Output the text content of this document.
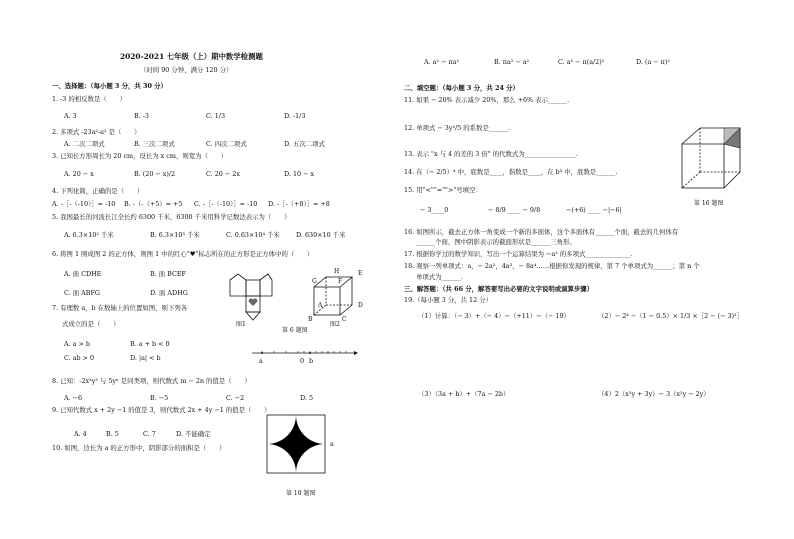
2020-2021 七年级（上）期中数学检测题
（时间 90 分钟，满分 120 分）
一、选择题：（每小题 3 分，共 30 分）
1. -3 的相反数是（　　）
A. 3	B. -3	C. 1/3	D. -1/3
2. 多项式 -23a²-a² 是（　　）
A. 二次二项式	B. 三次二项式	C. 四次二项式	D. 五次二项式
3. 已知长方形周长为 20 cm，设长为 x cm，则宽为（　　）
A. 20 − x	B. (20 − x)/2	C. 20 − 2x	D. 10 − x
4. 下列化简，正确的是（　　）
A. -［-（-10）］= -10 B. -（-（+5）= +5 C. -［-（-10）］= -10 D. -［-（+8）］= +8
5. 我国最长的河流长江全长约 6300 千米，6300 千米用科学记数法表示为（　　）
A. 6.3×10² 千米	B. 6.3×10³ 千米	C. 0.63×10⁴ 千米	D. 630×10 千米
6. 将图 1 围成图 2 的正方体，则图 1 中的红心"♥"标志所在的正方形是正方体中的（　　）
A. 面 CDHE	B. 面 BCEF
C. 面 ABFG	D. 面 ADHG
图1
G	F
H	E
A	D
B	C
图2
第 6 题图
7. 有理数 a，b 在数轴上的位置如图，则下列各
式成立的是（　　）
A. a > b	B. a + b < 0
C. ab > 0	D. |a| < b	a	0 b
8. 已知：-2x³y³ 与 5yⁿ 是同类项，则代数式 m − 2n 的值是（　　）
A. −6	B. −5	C. −2	D. 5
9. 已知代数式 x + 2y −1 的值是 3，则代数式 2x + 4y −1 的值是（　　）
A. 4	B. 5	C. 7	D. 不能确定
10. 如图，边长为 a 的正方形中，阴影部分的面积是（　　）	a
第 10 题图
A. a² − πa²	B. πa² − a²	C. a² − π(a/2)²	D. (a − π)²
二、填空题：（每小题 3 分，共 24 分）
11. 如果 − 20% 表示减少 20%，那么 +6% 表示______.
12. 单项式 − 3y²/5 的系数是______.
13. 表示 "x 与 4 的差的 3 倍" 的代数式为________________.
14. 在（− 2/5）⁴ 中，底数是____，指数是____，在 b³ 中，底数是______.
15. 用"<""="">"号填空：
− 3____0	− 8/9 ____ − 9/8	−(+6) ____ −|−6|
第 16 题图
16. 如图所示，截去正方体一角变成一个新的多面体，这个多面体有______个面，截去的几何体有
______个面，图中阴影表示的截面形状是______三角形。
17. 根据你学过的数学知识，写出一个运算结果为 −a² 的多项式______________.
18. 观察一列单项式：a，− 2a²，4a³，− 8a⁴……根据你发现的规律，第 7 个单项式为______；第 n 个
单项式为______.
三、解答题：（共 66 分，解答要写出必要的文字说明或演算步骤）
19.（每小题 3 分，共 12 分）
（1）计算：（− 3）+（− 4）−（+11）−（− 19）	（2）− 2⁴ −（1 − 0.5）× 1/3 ×［2 − (− 3)²］
（3）（3a + b）+（7a − 2b）	（4）2（x²y + 3y）− 3（x²y − 2y）
